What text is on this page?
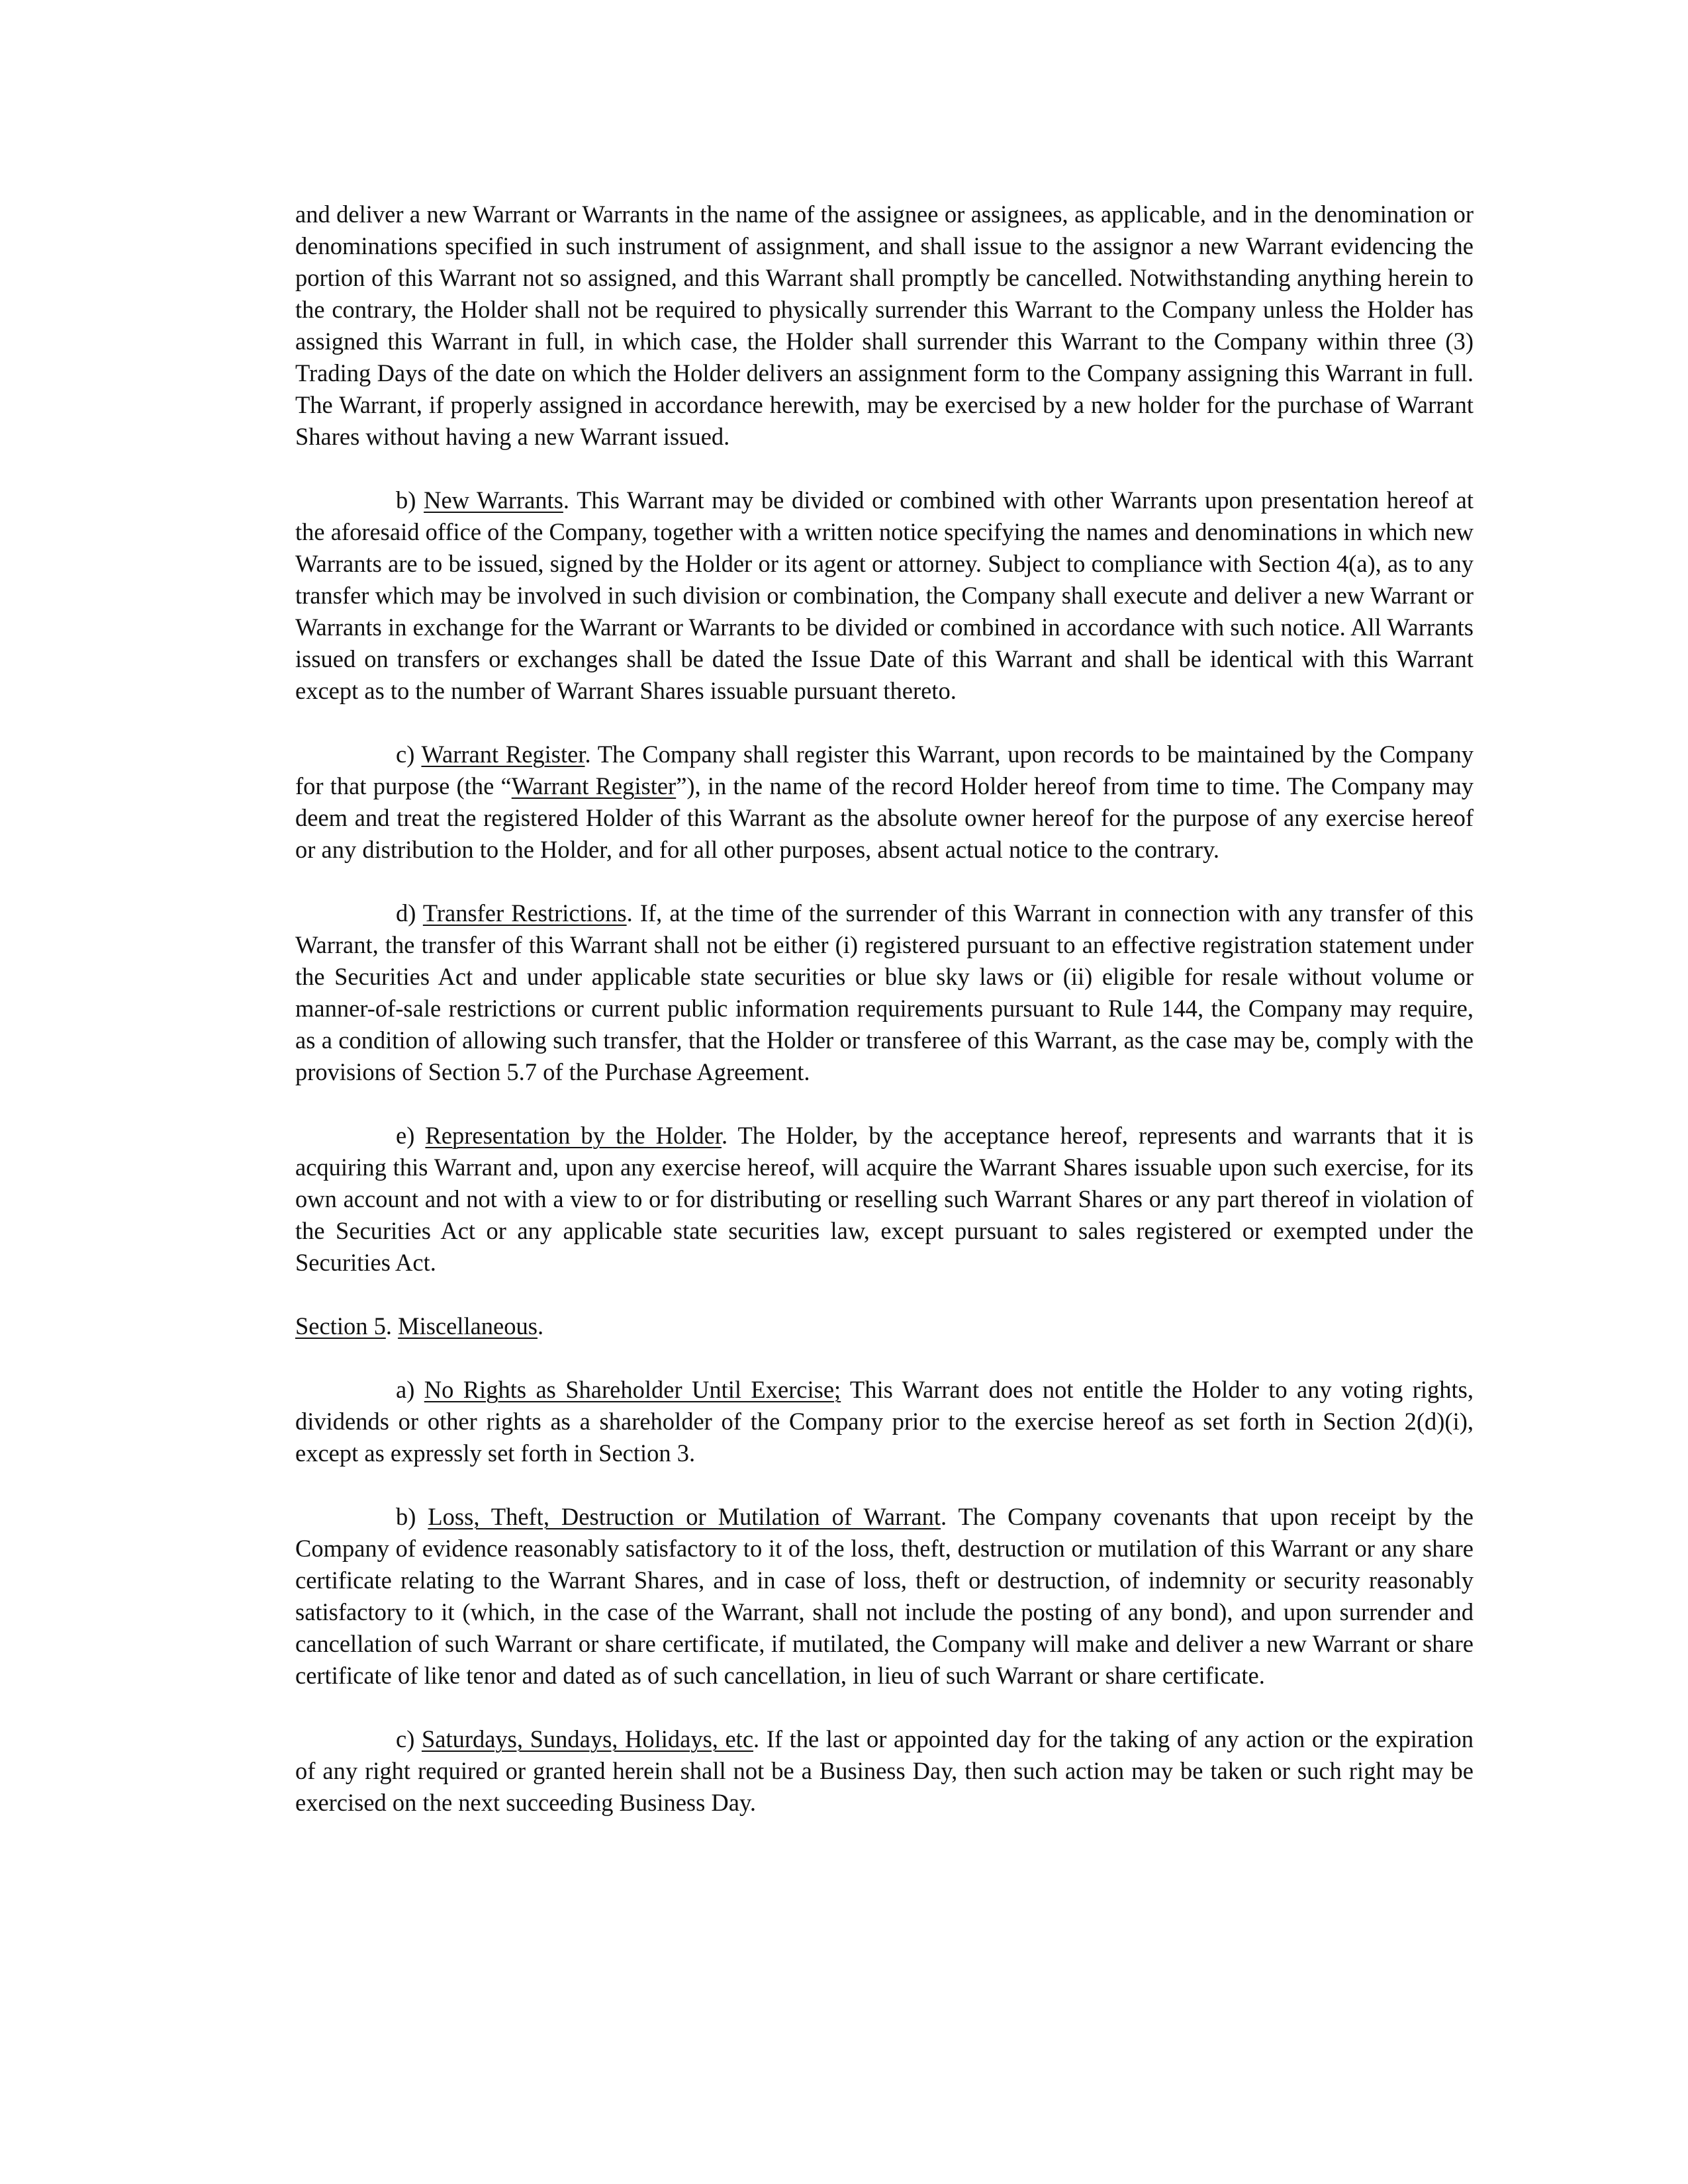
and deliver a new Warrant or Warrants in the name of the assignee or assignees, as applicable, and in the denomination or denominations specified in such instrument of assignment, and shall issue to the assignor a new Warrant evidencing the portion of this Warrant not so assigned, and this Warrant shall promptly be cancelled. Notwithstanding anything herein to the contrary, the Holder shall not be required to physically surrender this Warrant to the Company unless the Holder has assigned this Warrant in full, in which case, the Holder shall surrender this Warrant to the Company within three (3) Trading Days of the date on which the Holder delivers an assignment form to the Company assigning this Warrant in full. The Warrant, if properly assigned in accordance herewith, may be exercised by a new holder for the purchase of Warrant Shares without having a new Warrant issued.

b) New Warrants. This Warrant may be divided or combined with other Warrants upon presentation hereof at the aforesaid office of the Company, together with a written notice specifying the names and denominations in which new Warrants are to be issued, signed by the Holder or its agent or attorney. Subject to compliance with Section 4(a), as to any transfer which may be involved in such division or combination, the Company shall execute and deliver a new Warrant or Warrants in exchange for the Warrant or Warrants to be divided or combined in accordance with such notice. All Warrants issued on transfers or exchanges shall be dated the Issue Date of this Warrant and shall be identical with this Warrant except as to the number of Warrant Shares issuable pursuant thereto.

c) Warrant Register. The Company shall register this Warrant, upon records to be maintained by the Company for that purpose (the “Warrant Register”), in the name of the record Holder hereof from time to time. The Company may deem and treat the registered Holder of this Warrant as the absolute owner hereof for the purpose of any exercise hereof or any distribution to the Holder, and for all other purposes, absent actual notice to the contrary.

d) Transfer Restrictions. If, at the time of the surrender of this Warrant in connection with any transfer of this Warrant, the transfer of this Warrant shall not be either (i) registered pursuant to an effective registration statement under the Securities Act and under applicable state securities or blue sky laws or (ii) eligible for resale without volume or manner-of-sale restrictions or current public information requirements pursuant to Rule 144, the Company may require, as a condition of allowing such transfer, that the Holder or transferee of this Warrant, as the case may be, comply with the provisions of Section 5.7 of the Purchase Agreement.

e) Representation by the Holder. The Holder, by the acceptance hereof, represents and warrants that it is acquiring this Warrant and, upon any exercise hereof, will acquire the Warrant Shares issuable upon such exercise, for its own account and not with a view to or for distributing or reselling such Warrant Shares or any part thereof in violation of the Securities Act or any applicable state securities law, except pursuant to sales registered or exempted under the Securities Act.

Section 5. Miscellaneous.

a) No Rights as Shareholder Until Exercise; This Warrant does not entitle the Holder to any voting rights, dividends or other rights as a shareholder of the Company prior to the exercise hereof as set forth in Section 2(d)(i), except as expressly set forth in Section 3.

b) Loss, Theft, Destruction or Mutilation of Warrant. The Company covenants that upon receipt by the Company of evidence reasonably satisfactory to it of the loss, theft, destruction or mutilation of this Warrant or any share certificate relating to the Warrant Shares, and in case of loss, theft or destruction, of indemnity or security reasonably satisfactory to it (which, in the case of the Warrant, shall not include the posting of any bond), and upon surrender and cancellation of such Warrant or share certificate, if mutilated, the Company will make and deliver a new Warrant or share certificate of like tenor and dated as of such cancellation, in lieu of such Warrant or share certificate.

c) Saturdays, Sundays, Holidays, etc. If the last or appointed day for the taking of any action or the expiration of any right required or granted herein shall not be a Business Day, then such action may be taken or such right may be exercised on the next succeeding Business Day.
